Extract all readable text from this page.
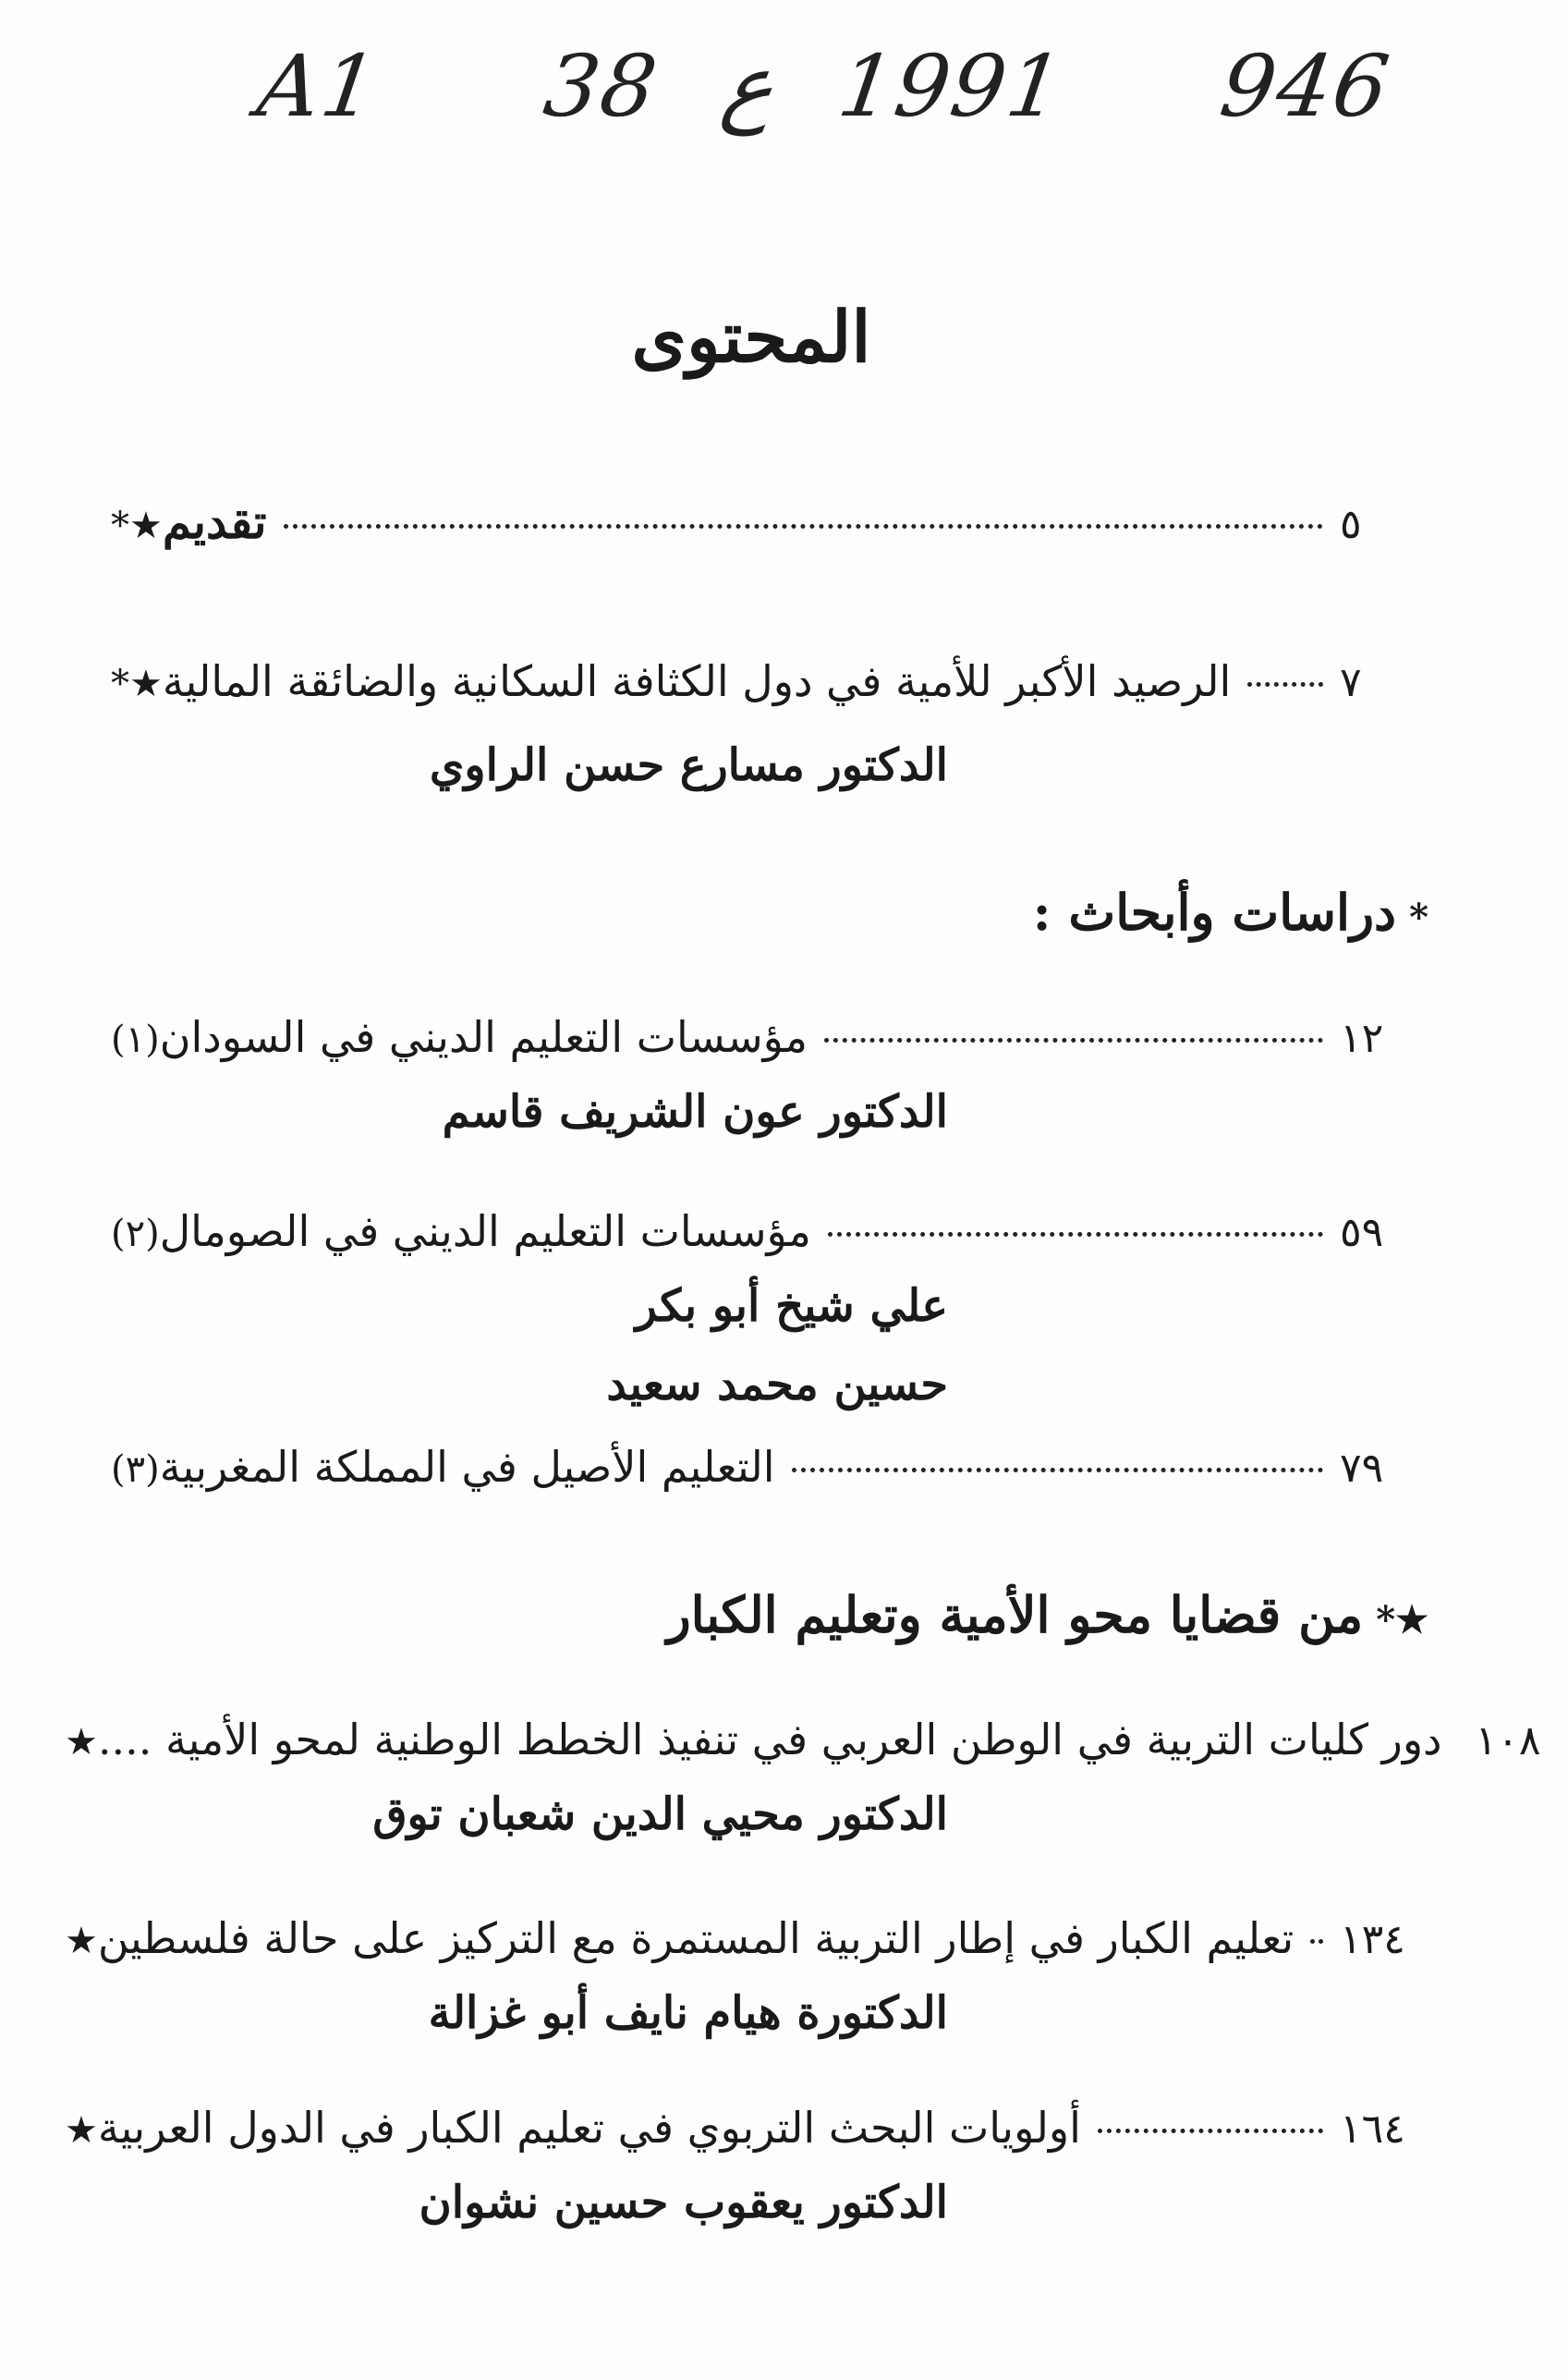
A1 38 ع 1991 946
المحتوى
★* تقديم	٥
★* الرصيد الأكبر للأمية في دول الكثافة السكانية والضائقة المالية	٧
الدكتور مسارع حسن الراوي
*دراسات وأبحاث :
(١) مؤسسات التعليم الديني في السودان	١٢
الدكتور عون الشريف قاسم
(٢) مؤسسات التعليم الديني في الصومال	٥٩
علي شيخ أبو بكر
حسين محمد سعيد
(٣) التعليم الأصيل في المملكة المغربية	٧٩
★*من قضايا محو الأمية وتعليم الكبار
★ دور كليات التربية في الوطن العربي في تنفيذ الخطط الوطنية لمحو الأمية .... ١٠٨
الدكتور محيي الدين شعبان توق
★ تعليم الكبار في إطار التربية المستمرة مع التركيز على حالة فلسطين ١٣٤
الدكتورة هيام نايف أبو غزالة
★ أولويات البحث التربوي في تعليم الكبار في الدول العربية	١٦٤
الدكتور يعقوب حسين نشوان
